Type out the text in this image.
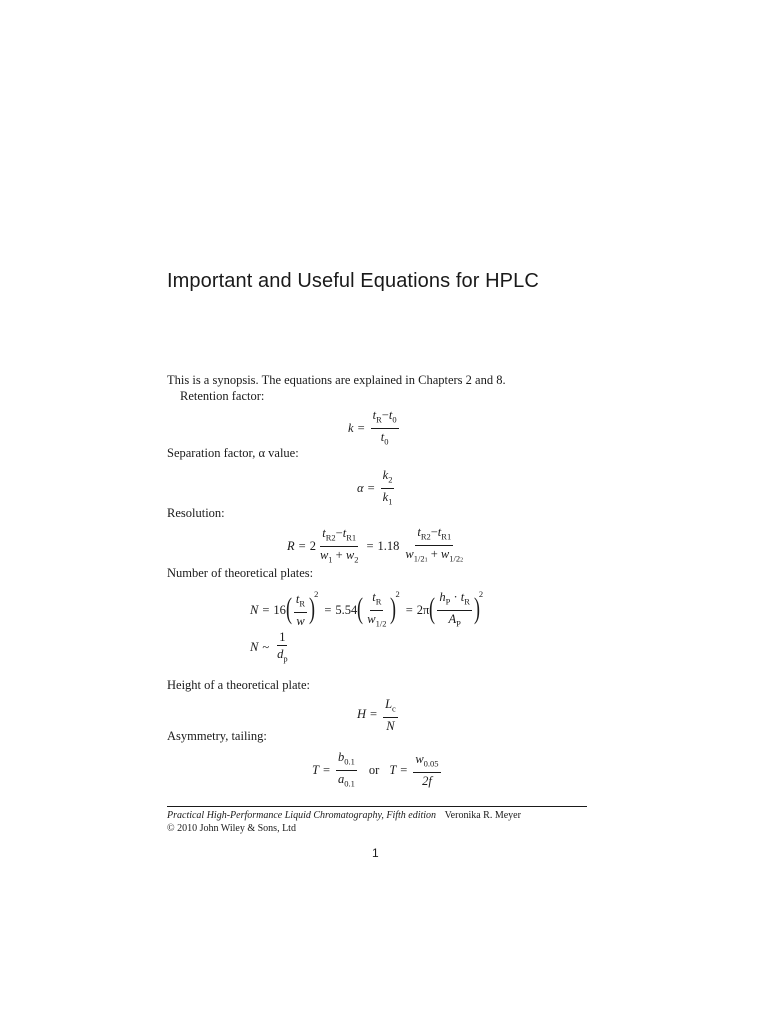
Important and Useful Equations for HPLC
This is a synopsis. The equations are explained in Chapters 2 and 8.
Retention factor:
$k = \frac{t_R-t_0}{t_0}$
Separation factor, α value:
$\alpha = \frac{k_2}{k_1}$
Resolution:
$R = 2 \frac{t_{R2}-t_{R1}}{w_1 + w_2} = 1.18 \frac{t_{R2}-t_{R1}}{w_{1/21} + w_{1/22}}$
Number of theoretical plates:
N = 16 ( $\frac{t_R}{w}$ ) 2
= 5.54 ( $\frac{t_R}{w_{1/2}}$ ) 2
= 2π ( $\frac{h_P \cdot t_R}{A_P}$ ) 2
N ~ $\frac{1}{d_p}$
Height of a theoretical plate:
$H = \frac{L_c}{N}$
Asymmetry, tailing:
$T = \frac{b_{0.1}}{a_{0.1}}$ or $T = \frac{w_{0.05}}{2f}$
Practical High-Performance Liquid Chromatography, Fifth edition Veronika R. Meyer
© 2010 John Wiley & Sons, Ltd
1
